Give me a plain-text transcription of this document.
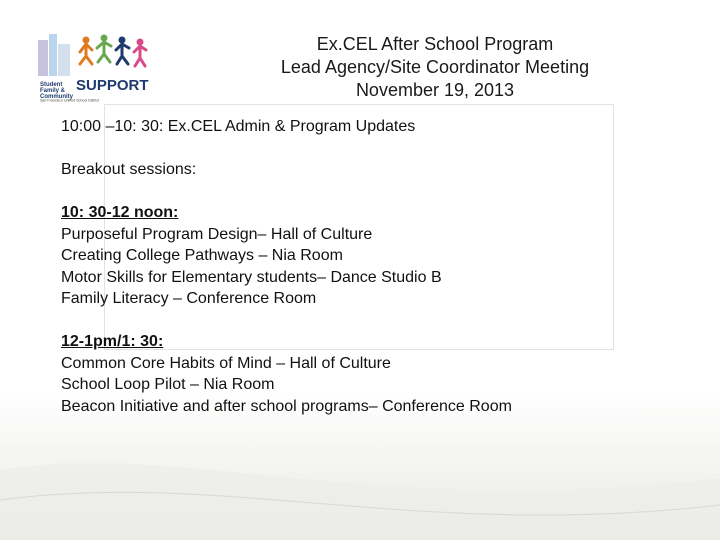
Student
Family &
Community
SUPPORT
San Francisco Unified School District
Ex.CEL After School Program
Lead Agency/Site Coordinator Meeting
November 19, 2013
10:00 –10: 30: Ex.CEL Admin & Program Updates
Breakout sessions:
10: 30-12 noon:
Purposeful Program Design– Hall of Culture
Creating College Pathways – Nia Room
Motor Skills for Elementary students– Dance Studio B
Family Literacy – Conference Room
12-1pm/1: 30:
Common Core Habits of Mind – Hall of Culture
School Loop Pilot – Nia Room
Beacon Initiative and after school programs– Conference Room
